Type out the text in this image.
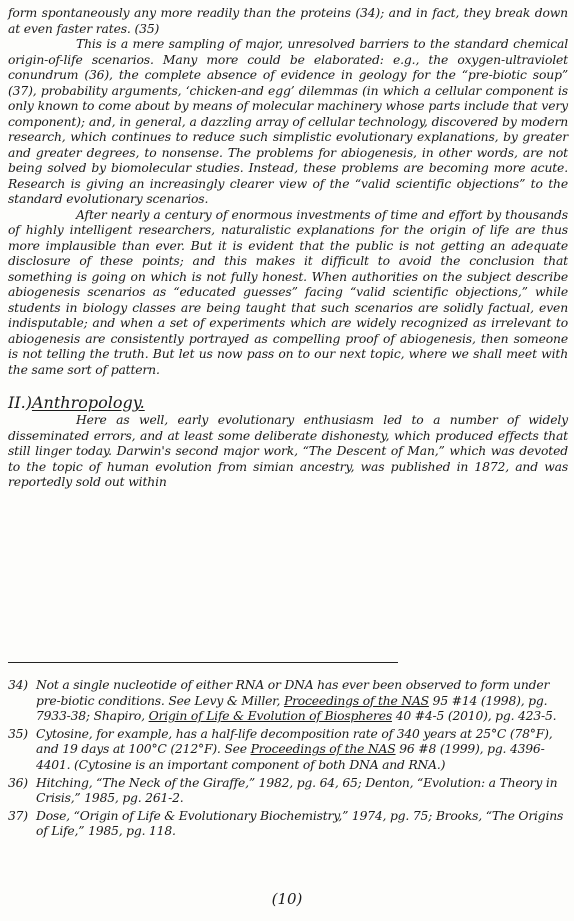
form spontaneously any more readily than the proteins (34); and in fact, they break down at even faster rates. (35)

This is a mere sampling of major, unresolved barriers to the standard chemical origin-of-life scenarios. Many more could be elaborated: e.g., the oxygen-ultraviolet conundrum (36), the complete absence of evidence in geology for the “pre-biotic soup” (37), probability arguments, ‘chicken-and egg’ dilemmas (in which a cellular component is only known to come about by means of molecular machinery whose parts include that very component); and, in general, a dazzling array of cellular technology, discovered by modern research, which continues to reduce such simplistic evolutionary explanations, by greater and greater degrees, to nonsense. The problems for abiogenesis, in other words, are not being solved by biomolecular studies. Instead, these problems are becoming more acute. Research is giving an increasingly clearer view of the “valid scientific objections” to the standard evolutionary scenarios.

After nearly a century of enormous investments of time and effort by thousands of highly intelligent researchers, naturalistic explanations for the origin of life are thus more implausible than ever. But it is evident that the public is not getting an adequate disclosure of these points; and this makes it difficult to avoid the conclusion that something is going on which is not fully honest. When authorities on the subject describe abiogenesis scenarios as “educated guesses” facing “valid scientific objections,” while students in biology classes are being taught that such scenarios are solidly factual, even indisputable; and when a set of experiments which are widely recognized as irrelevant to abiogenesis are consistently portrayed as compelling proof of abiogenesis, then someone is not telling the truth. But let us now pass on to our next topic, where we shall meet with the same sort of pattern.

II.)Anthropology.

Here as well, early evolutionary enthusiasm led to a number of widely disseminated errors, and at least some deliberate dishonesty, which produced effects that still linger today. Darwin's second major work, “The Descent of Man,” which was devoted to the topic of human evolution from simian ancestry, was published in 1872, and was reportedly sold out within

34) Not a single nucleotide of either RNA or DNA has ever been observed to form under pre-biotic conditions. See Levy & Miller, Proceedings of the NAS 95 #14 (1998), pg. 7933-38; Shapiro, Origin of Life & Evolution of Biospheres 40 #4-5 (2010), pg. 423-5.
35) Cytosine, for example, has a half-life decomposition rate of 340 years at 25°C (78°F), and 19 days at 100°C (212°F). See Proceedings of the NAS 96 #8 (1999), pg. 4396-4401. (Cytosine is an important component of both DNA and RNA.)
36) Hitching, “The Neck of the Giraffe,” 1982, pg. 64, 65; Denton, “Evolution: a Theory in Crisis,” 1985, pg. 261-2.
37) Dose, “Origin of Life & Evolutionary Biochemistry,” 1974, pg. 75; Brooks, “The Origins of Life,” 1985, pg. 118.
(10)
